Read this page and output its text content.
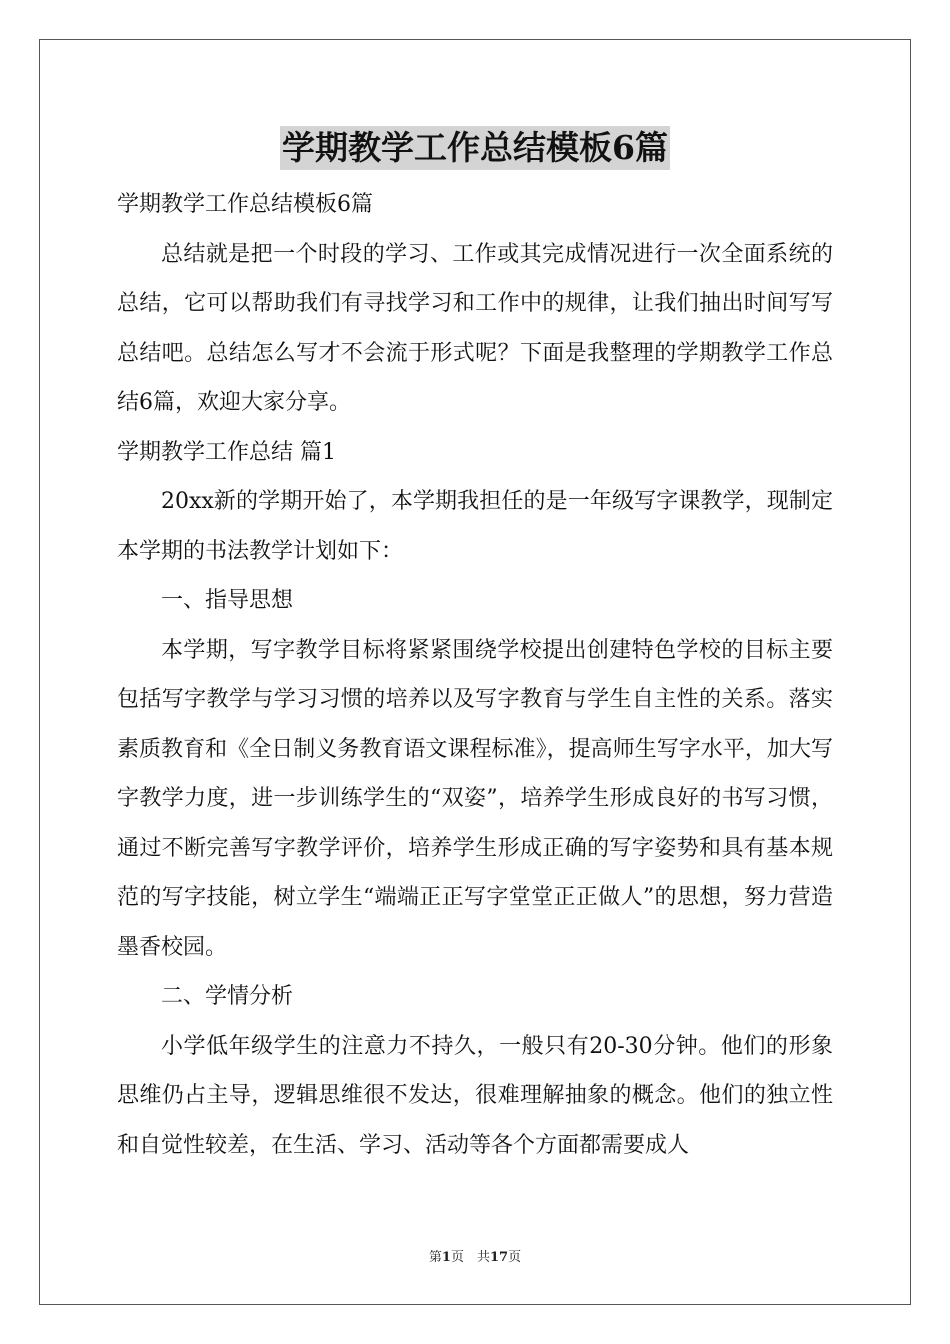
学期教学工作总结模板6篇
学期教学工作总结模板6篇
总结就是把一个时段的学习、工作或其完成情况进行一次全面系统的总结，它可以帮助我们有寻找学习和工作中的规律，让我们抽出时间写写总结吧。总结怎么写才不会流于形式呢？下面是我整理的学期教学工作总结6篇，欢迎大家分享。
学期教学工作总结 篇1
20xx新的学期开始了，本学期我担任的是一年级写字课教学，现制定本学期的书法教学计划如下：
一、指导思想
本学期，写字教学目标将紧紧围绕学校提出创建特色学校的目标主要包括写字教学与学习习惯的培养以及写字教育与学生自主性的关系。落实素质教育和《全日制义务教育语文课程标准》，提高师生写字水平，加大写字教学力度，进一步训练学生的“双姿”，培养学生形成良好的书写习惯，通过不断完善写字教学评价，培养学生形成正确的写字姿势和具有基本规范的写字技能，树立学生“端端正正写字堂堂正正做人”的思想，努力营造墨香校园。
二、学情分析
小学低年级学生的注意力不持久，一般只有20-30分钟。他们的形象思维仍占主导，逻辑思维很不发达，很难理解抽象的概念。他们的独立性和自觉性较差，在生活、学习、活动等各个方面都需要成人
第1页　共17页
